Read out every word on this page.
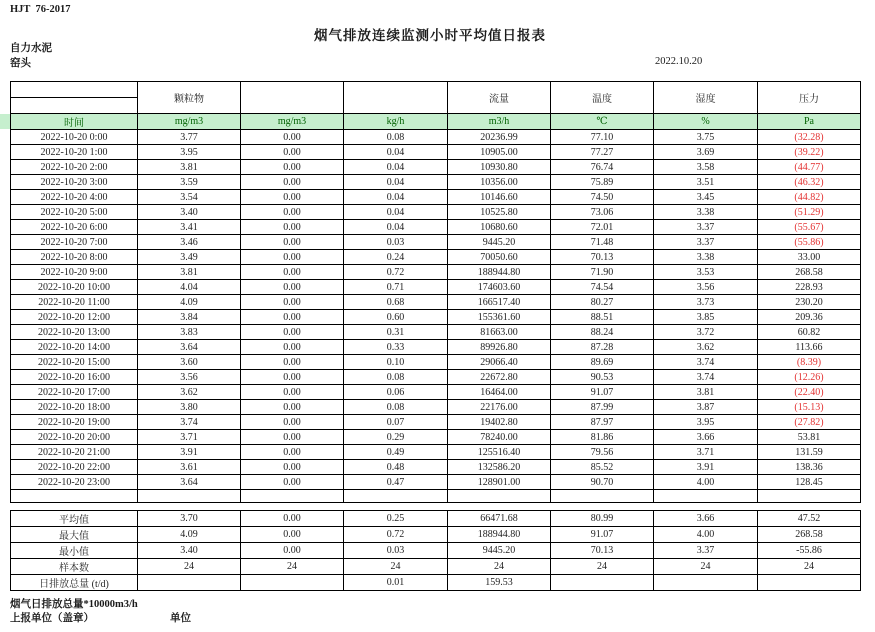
HJT  76-2017
烟气排放连续监测小时平均值日报表
自力水泥
窑头	2022.10.20
	颗粒物			流量	温度	湿度	压力

时间	mg/m3	mg/m3	kg/h	m3/h	℃	%	Pa
2022-10-20 0:00	3.77	0.00	0.08	20236.99	77.10	3.75	(32.28)
2022-10-20 1:00	3.95	0.00	0.04	10905.00	77.27	3.69	(39.22)
2022-10-20 2:00	3.81	0.00	0.04	10930.80	76.74	3.58	(44.77)
2022-10-20 3:00	3.59	0.00	0.04	10356.00	75.89	3.51	(46.32)
2022-10-20 4:00	3.54	0.00	0.04	10146.60	74.50	3.45	(44.82)
2022-10-20 5:00	3.40	0.00	0.04	10525.80	73.06	3.38	(51.29)
2022-10-20 6:00	3.41	0.00	0.04	10680.60	72.01	3.37	(55.67)
2022-10-20 7:00	3.46	0.00	0.03	9445.20	71.48	3.37	(55.86)
2022-10-20 8:00	3.49	0.00	0.24	70050.60	70.13	3.38	33.00
2022-10-20 9:00	3.81	0.00	0.72	188944.80	71.90	3.53	268.58
2022-10-20 10:00	4.04	0.00	0.71	174603.60	74.54	3.56	228.93
2022-10-20 11:00	4.09	0.00	0.68	166517.40	80.27	3.73	230.20
2022-10-20 12:00	3.84	0.00	0.60	155361.60	88.51	3.85	209.36
2022-10-20 13:00	3.83	0.00	0.31	81663.00	88.24	3.72	60.82
2022-10-20 14:00	3.64	0.00	0.33	89926.80	87.28	3.62	113.66
2022-10-20 15:00	3.60	0.00	0.10	29066.40	89.69	3.74	(8.39)
2022-10-20 16:00	3.56	0.00	0.08	22672.80	90.53	3.74	(12.26)
2022-10-20 17:00	3.62	0.00	0.06	16464.00	91.07	3.81	(22.40)
2022-10-20 18:00	3.80	0.00	0.08	22176.00	87.99	3.87	(15.13)
2022-10-20 19:00	3.74	0.00	0.07	19402.80	87.97	3.95	(27.82)
2022-10-20 20:00	3.71	0.00	0.29	78240.00	81.86	3.66	53.81
2022-10-20 21:00	3.91	0.00	0.49	125516.40	79.56	3.71	131.59
2022-10-20 22:00	3.61	0.00	0.48	132586.20	85.52	3.91	138.36
2022-10-20 23:00	3.64	0.00	0.47	128901.00	90.70	4.00	128.45

平均值	3.70	0.00	0.25	66471.68	80.99	3.66	47.52
最大值	4.09	0.00	0.72	188944.80	91.07	4.00	268.58
最小值	3.40	0.00	0.03	9445.20	70.13	3.37	-55.86
样本数	24	24	24	24	24	24	24
日排放总量 (t/d)			0.01	159.53			
烟气日排放总量*10000m3/h
上报单位（盖章）	单位
